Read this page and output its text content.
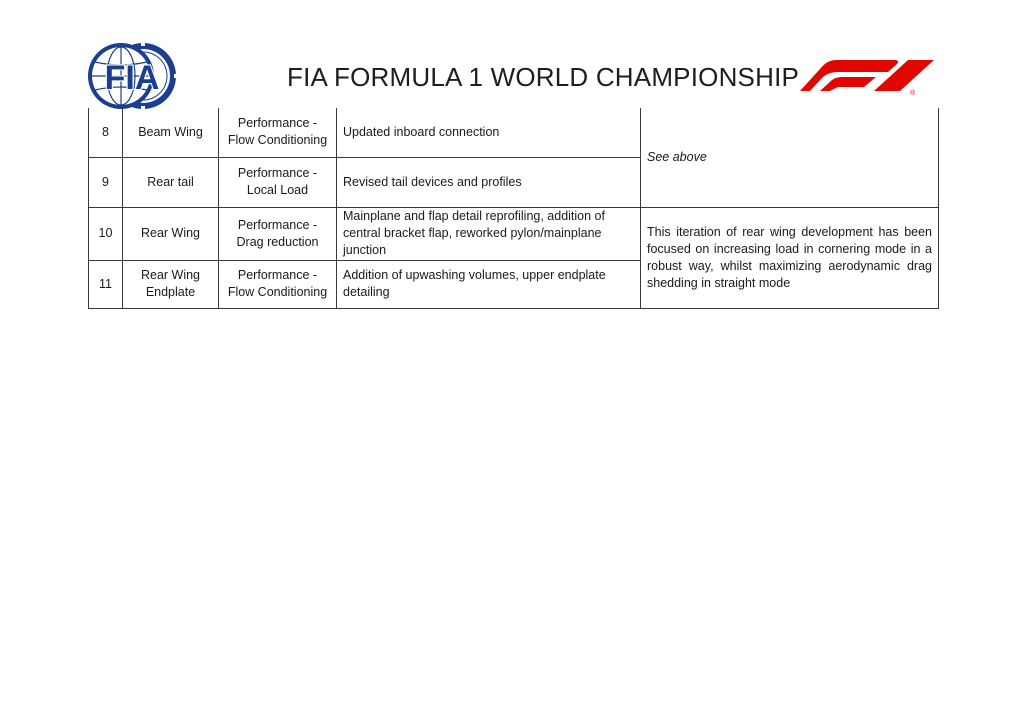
FIA	FIA FORMULA 1 WORLD CHAMPIONSHIP
®
8	Beam Wing	Performance - Flow Conditioning	Updated inboard connection	See above
9	Rear tail	Performance - Local Load	Revised tail devices and profiles	
10	Rear Wing	Performance - Drag reduction	Mainplane and flap detail reprofiling, addition of central bracket flap, reworked pylon/mainplane junction	This iteration of rear wing development has been focused on increasing load in cornering mode in a robust way, whilst maximizing aerodynamic drag shedding in straight mode
11	Rear Wing Endplate	Performance - Flow Conditioning	Addition of upwashing volumes, upper endplate detailing	
